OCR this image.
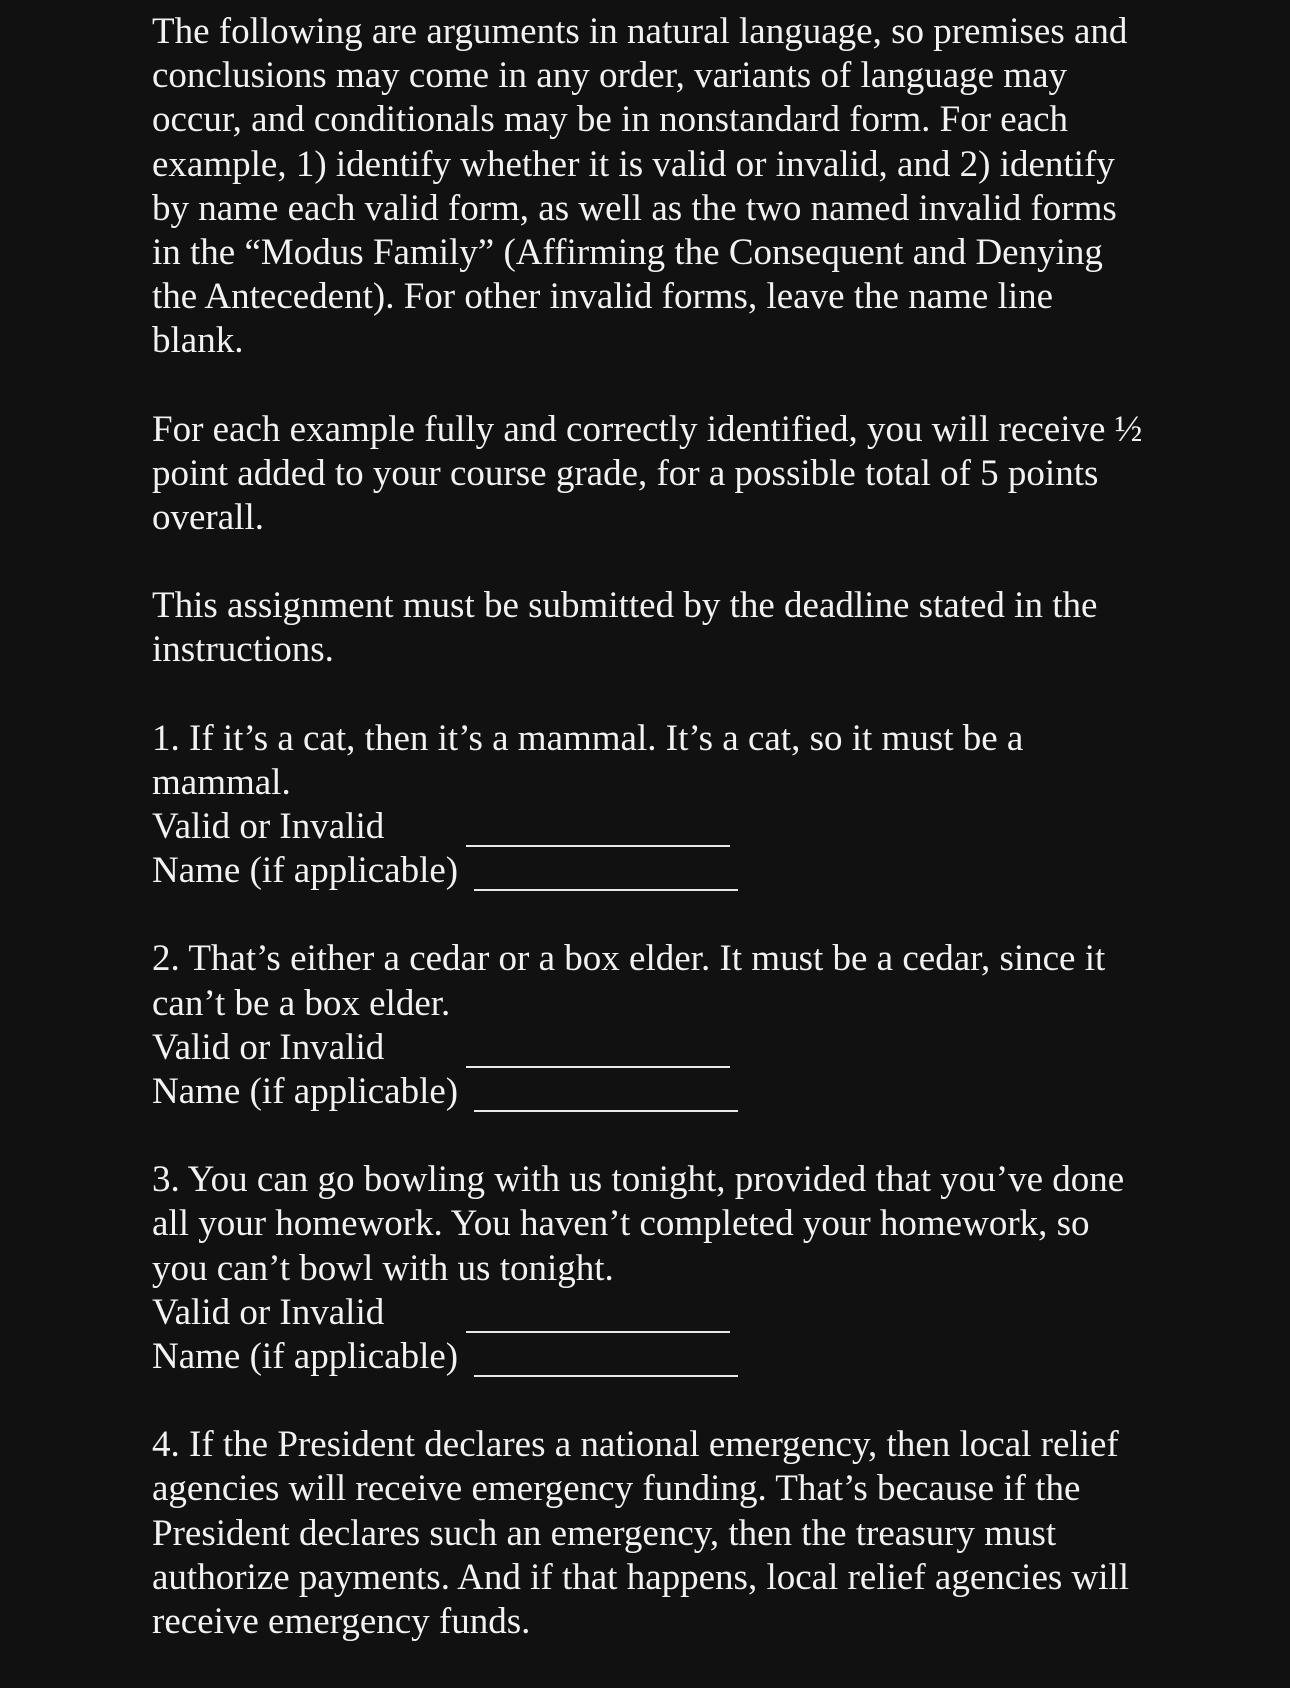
The following are arguments in natural language, so premises and conclusions may come in any order, variants of language may occur, and conditionals may be in nonstandard form. For each example, 1) identify whether it is valid or invalid, and 2) identify by name each valid form, as well as the two named invalid forms in the “Modus Family” (Affirming the Consequent and Denying the Antecedent). For other invalid forms, leave the name line blank.

For each example fully and correctly identified, you will receive ½ point added to your course grade, for a possible total of 5 points overall.

This assignment must be submitted by the deadline stated in the instructions.

1. If it’s a cat, then it’s a mammal. It’s a cat, so it must be a mammal.

Valid or Invalid
Name (if applicable)

2. That’s either a cedar or a box elder. It must be a cedar, since it can’t be a box elder.

Valid or Invalid
Name (if applicable)

3. You can go bowling with us tonight, provided that you’ve done all your homework. You haven’t completed your homework, so you can’t bowl with us tonight.

Valid or Invalid
Name (if applicable)

4. If the President declares a national emergency, then local relief agencies will receive emergency funding. That’s because if the President declares such an emergency, then the treasury must authorize payments. And if that happens, local relief agencies will receive emergency funds.
